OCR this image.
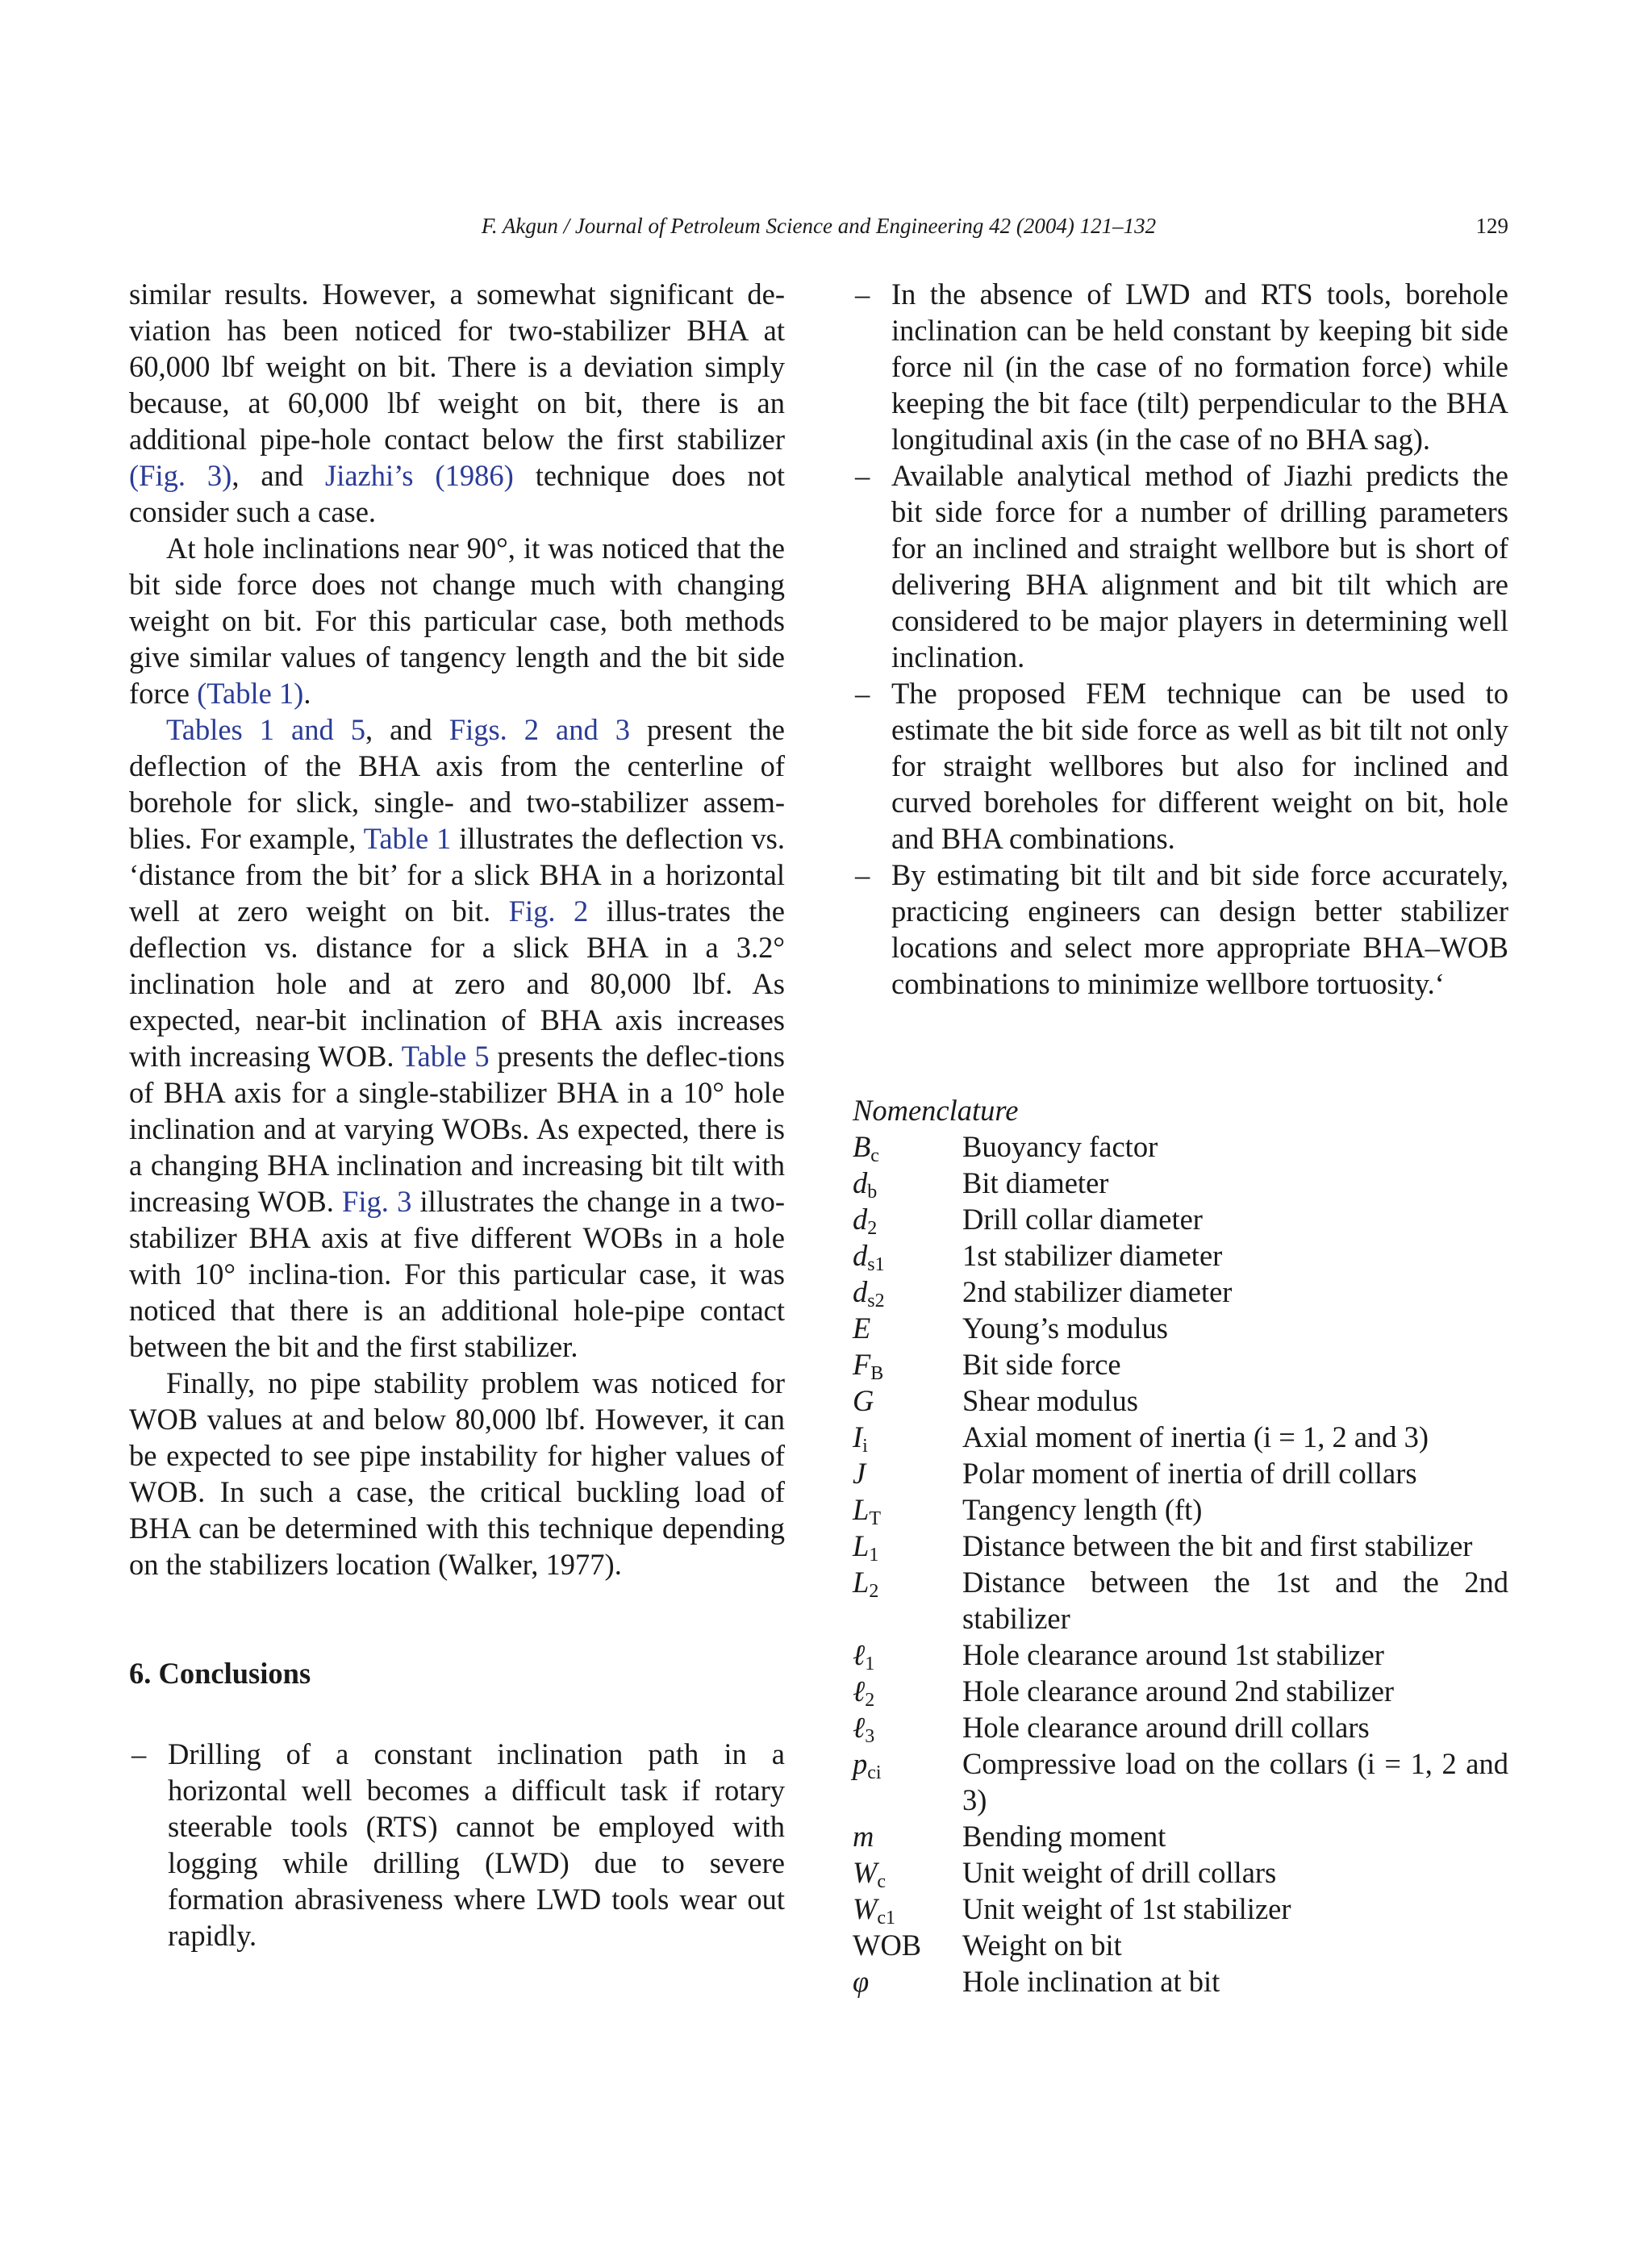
F. Akgun / Journal of Petroleum Science and Engineering 42 (2004) 121–132	129

similar results. However, a somewhat significant de-viation has been noticed for two-stabilizer BHA at 60,000 lbf weight on bit. There is a deviation simply because, at 60,000 lbf weight on bit, there is an additional pipe-hole contact below the first stabilizer (Fig. 3), and Jiazhi’s (1986) technique does not consider such a case.

At hole inclinations near 90°, it was noticed that the bit side force does not change much with changing weight on bit. For this particular case, both methods give similar values of tangency length and the bit side force (Table 1).

Tables 1 and 5, and Figs. 2 and 3 present the deflection of the BHA axis from the centerline of borehole for slick, single- and two-stabilizer assem-blies. For example, Table 1 illustrates the deflection vs. ‘distance from the bit’ for a slick BHA in a horizontal well at zero weight on bit. Fig. 2 illus-trates the deflection vs. distance for a slick BHA in a 3.2° inclination hole and at zero and 80,000 lbf. As expected, near-bit inclination of BHA axis increases with increasing WOB. Table 5 presents the deflec-tions of BHA axis for a single-stabilizer BHA in a 10° hole inclination and at varying WOBs. As expected, there is a changing BHA inclination and increasing bit tilt with increasing WOB. Fig. 3 illustrates the change in a two-stabilizer BHA axis at five different WOBs in a hole with 10° inclina-tion. For this particular case, it was noticed that there is an additional hole-pipe contact between the bit and the first stabilizer.

Finally, no pipe stability problem was noticed for WOB values at and below 80,000 lbf. However, it can be expected to see pipe instability for higher values of WOB. In such a case, the critical buckling load of BHA can be determined with this technique depending on the stabilizers location (Walker, 1977).

6. Conclusions
– Drilling of a constant inclination path in a horizontal well becomes a difficult task if rotary steerable tools (RTS) cannot be employed with logging while drilling (LWD) due to severe formation abrasiveness where LWD tools wear out rapidly.
– In the absence of LWD and RTS tools, borehole inclination can be held constant by keeping bit side force nil (in the case of no formation force) while keeping the bit face (tilt) perpendicular to the BHA longitudinal axis (in the case of no BHA sag).
– Available analytical method of Jiazhi predicts the bit side force for a number of drilling parameters for an inclined and straight wellbore but is short of delivering BHA alignment and bit tilt which are considered to be major players in determining well inclination.
– The proposed FEM technique can be used to estimate the bit side force as well as bit tilt not only for straight wellbores but also for inclined and curved boreholes for different weight on bit, hole and BHA combinations.
– By estimating bit tilt and bit side force accurately, practicing engineers can design better stabilizer locations and select more appropriate BHA–WOB combinations to minimize wellbore tortuosity.‘
Nomenclature
$B_c$	Buoyancy factor
$d_b$	Bit diameter
$d_2$	Drill collar diameter
$d_{s1}$	1st stabilizer diameter
$d_{s2}$	2nd stabilizer diameter
E	Young’s modulus
$F_B$	Bit side force
G	Shear modulus
$I_i$	Axial moment of inertia (i = 1, 2 and 3)
J	Polar moment of inertia of drill collars
$L_T$	Tangency length (ft)
$L_1$	Distance between the bit and first stabilizer
$L_2$	Distance between the 1st and the 2nd stabilizer
ℓ$_1$	Hole clearance around 1st stabilizer
ℓ$_2$	Hole clearance around 2nd stabilizer
ℓ$_3$	Hole clearance around drill collars
$p_{ci}$	Compressive load on the collars (i = 1, 2 and 3)
m	Bending moment
$W_c$	Unit weight of drill collars
$W_{c1}$	Unit weight of 1st stabilizer
WOB	Weight on bit
φ	Hole inclination at bit
